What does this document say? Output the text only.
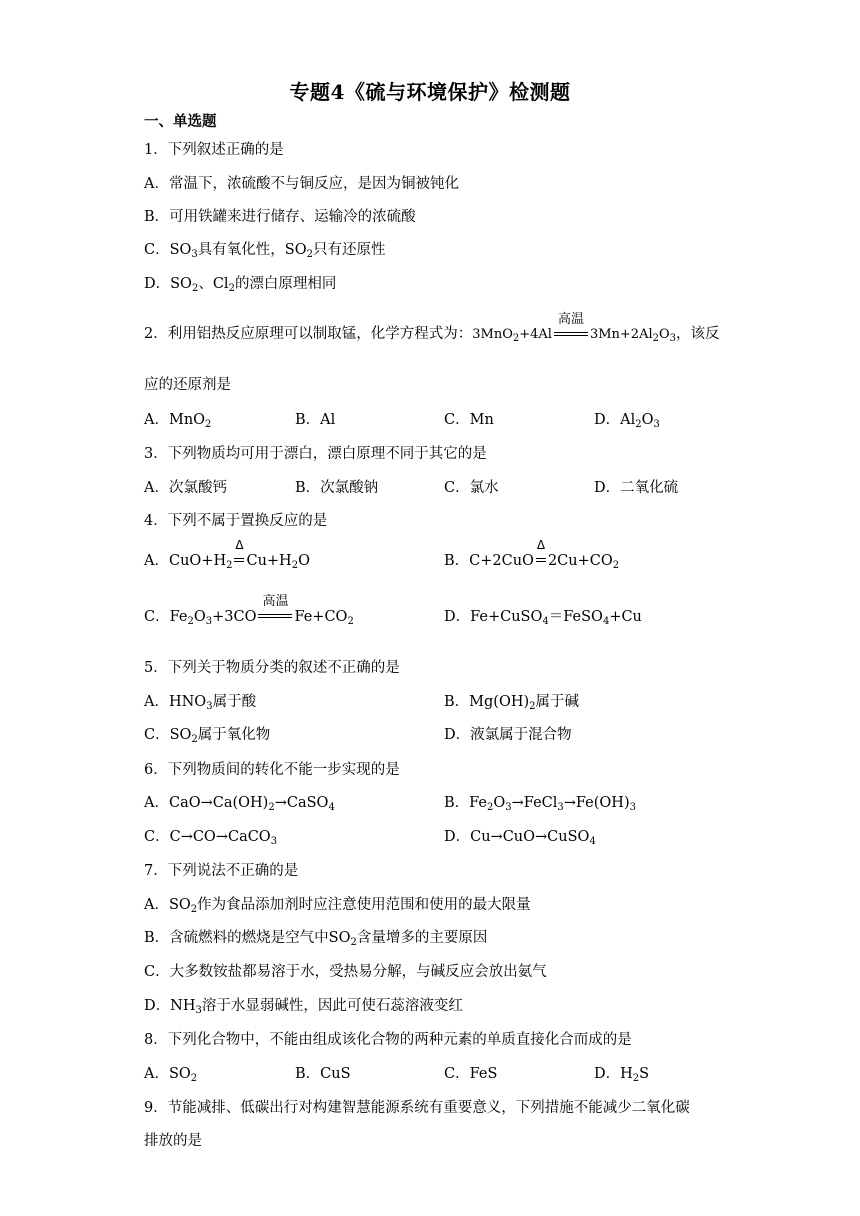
专题4《硫与环境保护》检测题
一、单选题
1．下列叙述正确的是
A．常温下，浓硫酸不与铜反应，是因为铜被钝化
B．可用铁罐来进行储存、运输冷的浓硫酸
C．$SO_3$具有氧化性，$SO_2$只有还原性
D．$SO_2$、$Cl_2$的漂白原理相同
2．利用铝热反应原理可以制取锰，化学方程式为：3MnO$_2$+4Al
高温
$3Mn+2Al_2O_3$，该反
应的还原剂是
A．MnO$_2$	B．Al	C．Mn	D．$Al_2O_3$
3．下列物质均可用于漂白，漂白原理不同于其它的是
A．次氯酸钙	B．次氯酸钠	C．氯水	D．二氧化硫
4．下列不属于置换反应的是
A．$CuO+H_2$
Δ
$Cu+H_2O$	B．C+2CuO
Δ
$2Cu+CO_2$
C．$Fe_2O_3+3CO$
高温
$Fe+CO_2$	D．Fe+CuSO$_4$＝FeSO$_4$+Cu
5．下列关于物质分类的叙述不正确的是
A．$HNO_3$属于酸	B．$Mg(OH)_2$属于碱
C．$SO_2$属于氧化物	D．液氯属于混合物
6．下列物质间的转化不能一步实现的是
A．$CaO\to Ca(OH)_2\to CaSO_4$	B．$Fe_2O_3\to FeCl_3\to Fe(OH)_3$
C．C→CO→CaCO$_3$	D．Cu→CuO→CuSO$_4$
7．下列说法不正确的是
A．$SO_2$作为食品添加剂时应注意使用范围和使用的最大限量
B．含硫燃料的燃烧是空气中$SO_2$含量增多的主要原因
C．大多数铵盐都易溶于水，受热易分解，与碱反应会放出氨气
D．$NH_3$溶于水显弱碱性，因此可使石蕊溶液变红
8．下列化合物中，不能由组成该化合物的两种元素的单质直接化合而成的是
A．$SO_2$	B．CuS	C．FeS	D．$H_2S$
9．节能减排、低碳出行对构建智慧能源系统有重要意义，下列措施不能减少二氧化碳
排放的是
